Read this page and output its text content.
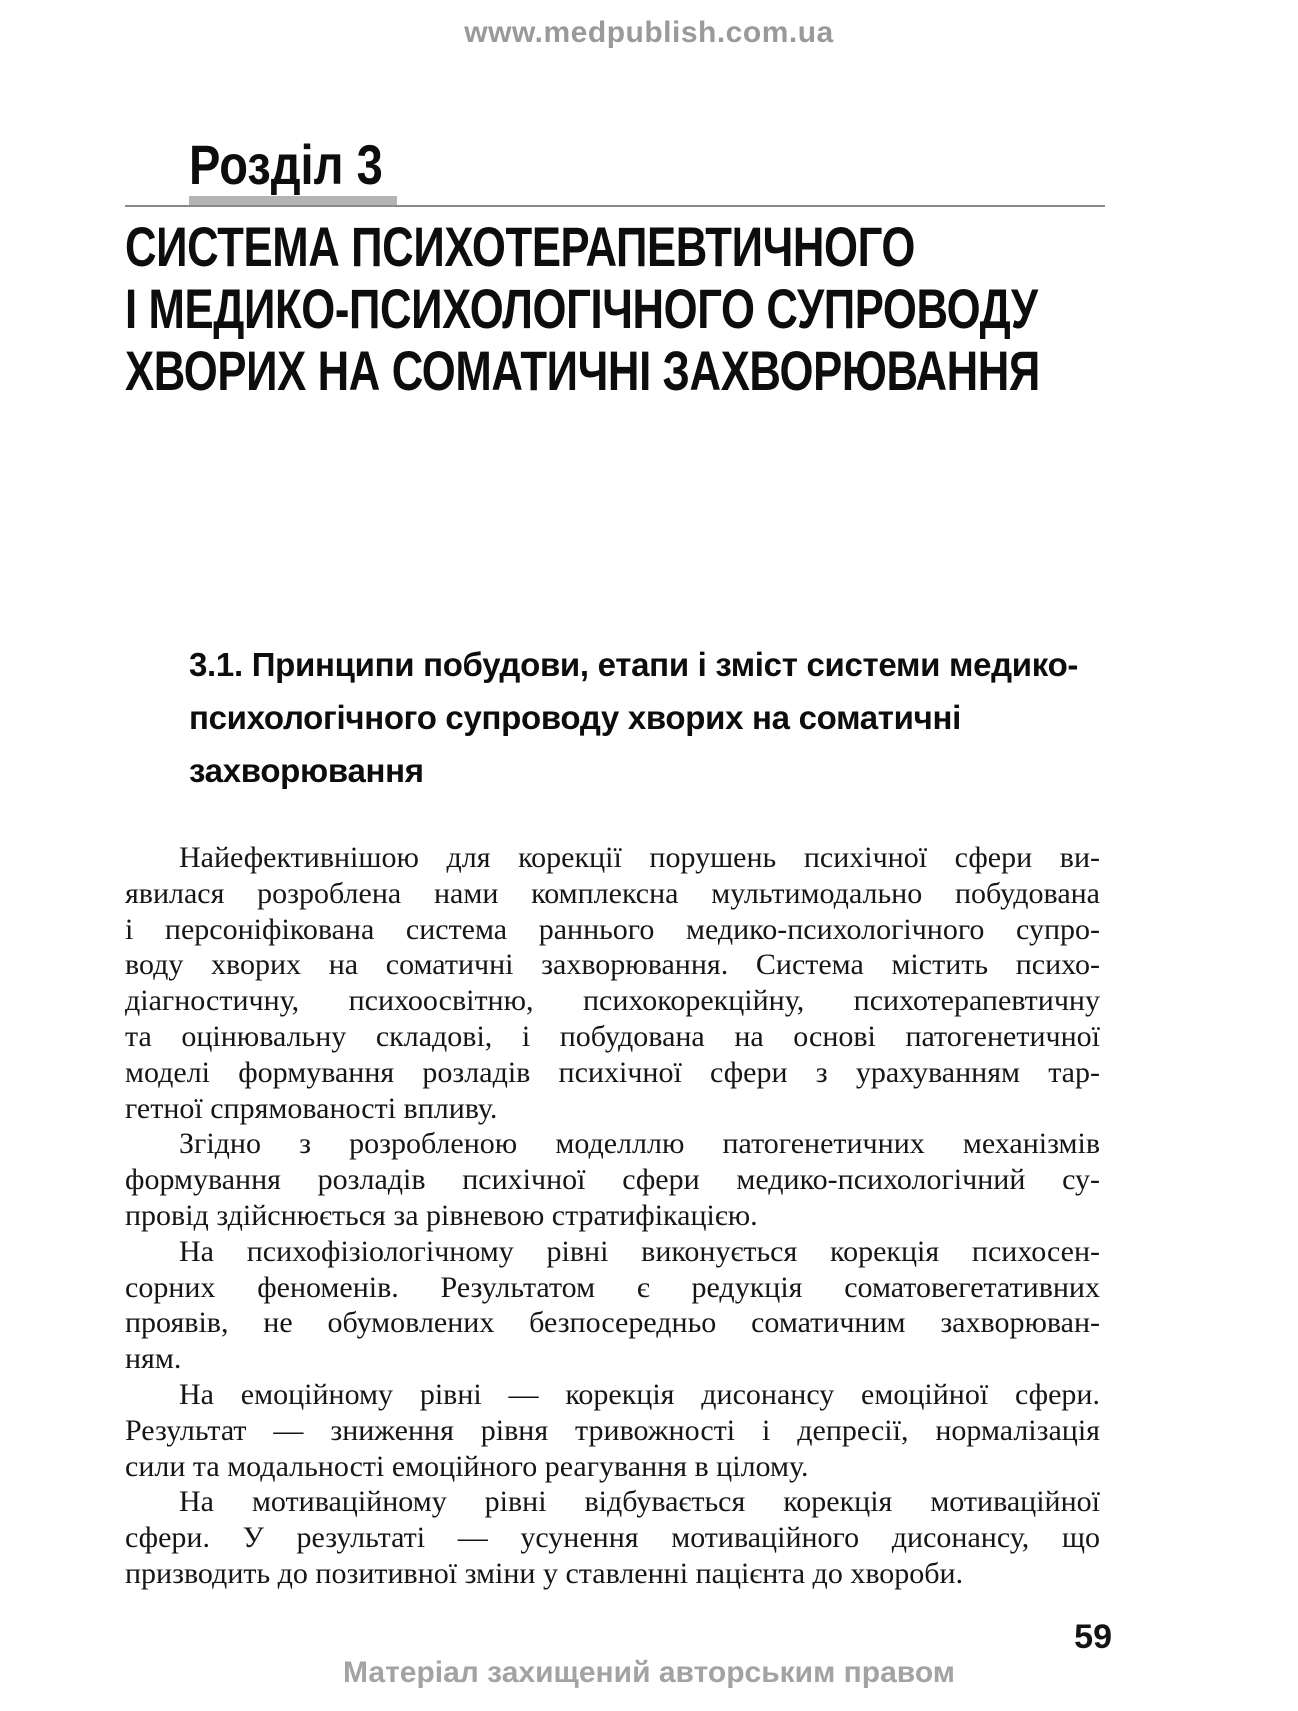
www.medpublish.com.ua
Розділ 3
СИСТЕМА ПСИХОТЕРАПЕВТИЧНОГО
І МЕДИКО-ПСИХОЛОГІЧНОГО СУПРОВОДУ
ХВОРИХ НА СОМАТИЧНІ ЗАХВОРЮВАННЯ
3.1. Принципи побудови, етапи і зміст системи медико-
психологічного супроводу хворих на соматичні
захворювання
Найефективнішою для корекції порушень психічної сфери ви-
явилася розроблена нами комплексна мультимодально побудована
і персоніфікована система раннього медико-психологічного супро-
воду хворих на соматичні захворювання. Система містить психо-
діагностичну, психоосвітню, психокорекційну, психотерапевтичну
та оцінювальну складові, і побудована на основі патогенетичної
моделі формування розладів психічної сфери з урахуванням тар-
гетної спрямованості впливу.
Згідно з розробленою моделллю патогенетичних механізмів
формування розладів психічної сфери медико-психологічний су-
провід здійснюється за рівневою стратифікацією.
На психофізіологічному рівні виконується корекція психосен-
сорних феноменів. Результатом є редукція соматовегетативних
проявів, не обумовлених безпосередньо соматичним захворюван-
ням.
На емоційному рівні — корекція дисонансу емоційної сфери.
Результат — зниження рівня тривожності і депресії, нормалізація
сили та модальності емоційного реагування в цілому.
На мотиваційному рівні відбувається корекція мотиваційної
сфери. У результаті — усунення мотиваційного дисонансу, що
призводить до позитивної зміни у ставленні пацієнта до хвороби.
59
Матеріал захищений авторським правом
